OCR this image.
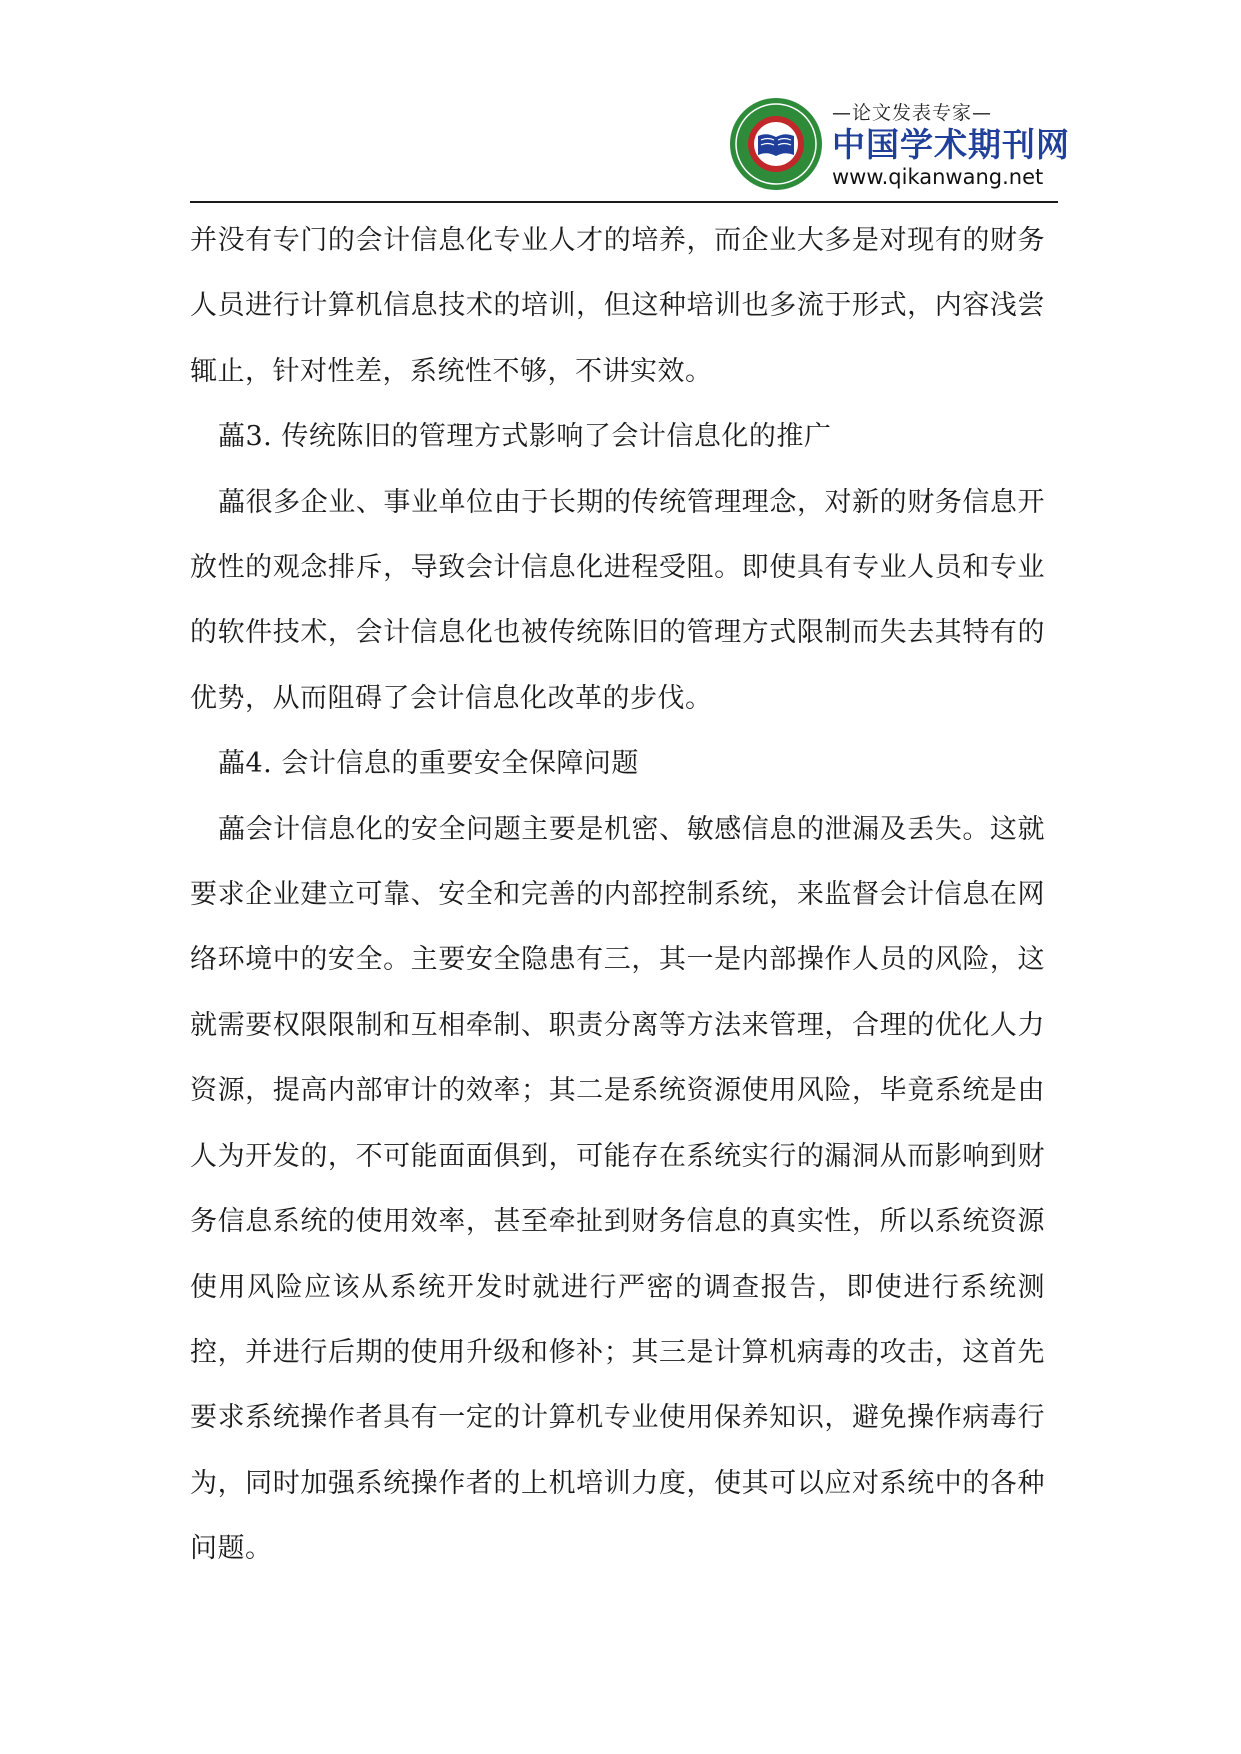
—论文发表专家—
中国学术期刊网
www.qikanwang.net

并没有专门的会计信息化专业人才的培养，而企业大多是对现有的财务人员进行计算机信息技术的培训，但这种培训也多流于形式，内容浅尝辄止，针对性差，系统性不够，不讲实效。

藟3. 传统陈旧的管理方式影响了会计信息化的推广

藟很多企业、事业单位由于长期的传统管理理念，对新的财务信息开放性的观念排斥，导致会计信息化进程受阻。即使具有专业人员和专业的软件技术，会计信息化也被传统陈旧的管理方式限制而失去其特有的优势，从而阻碍了会计信息化改革的步伐。

藟4. 会计信息的重要安全保障问题

藟会计信息化的安全问题主要是机密、敏感信息的泄漏及丢失。这就要求企业建立可靠、安全和完善的内部控制系统，来监督会计信息在网络环境中的安全。主要安全隐患有三，其一是内部操作人员的风险，这就需要权限限制和互相牵制、职责分离等方法来管理，合理的优化人力资源，提高内部审计的效率；其二是系统资源使用风险，毕竟系统是由人为开发的，不可能面面俱到，可能存在系统实行的漏洞从而影响到财务信息系统的使用效率，甚至牵扯到财务信息的真实性，所以系统资源使用风险应该从系统开发时就进行严密的调查报告，即使进行系统测控，并进行后期的使用升级和修补；其三是计算机病毒的攻击，这首先要求系统操作者具有一定的计算机专业使用保养知识，避免操作病毒行为，同时加强系统操作者的上机培训力度，使其可以应对系统中的各种问题。
